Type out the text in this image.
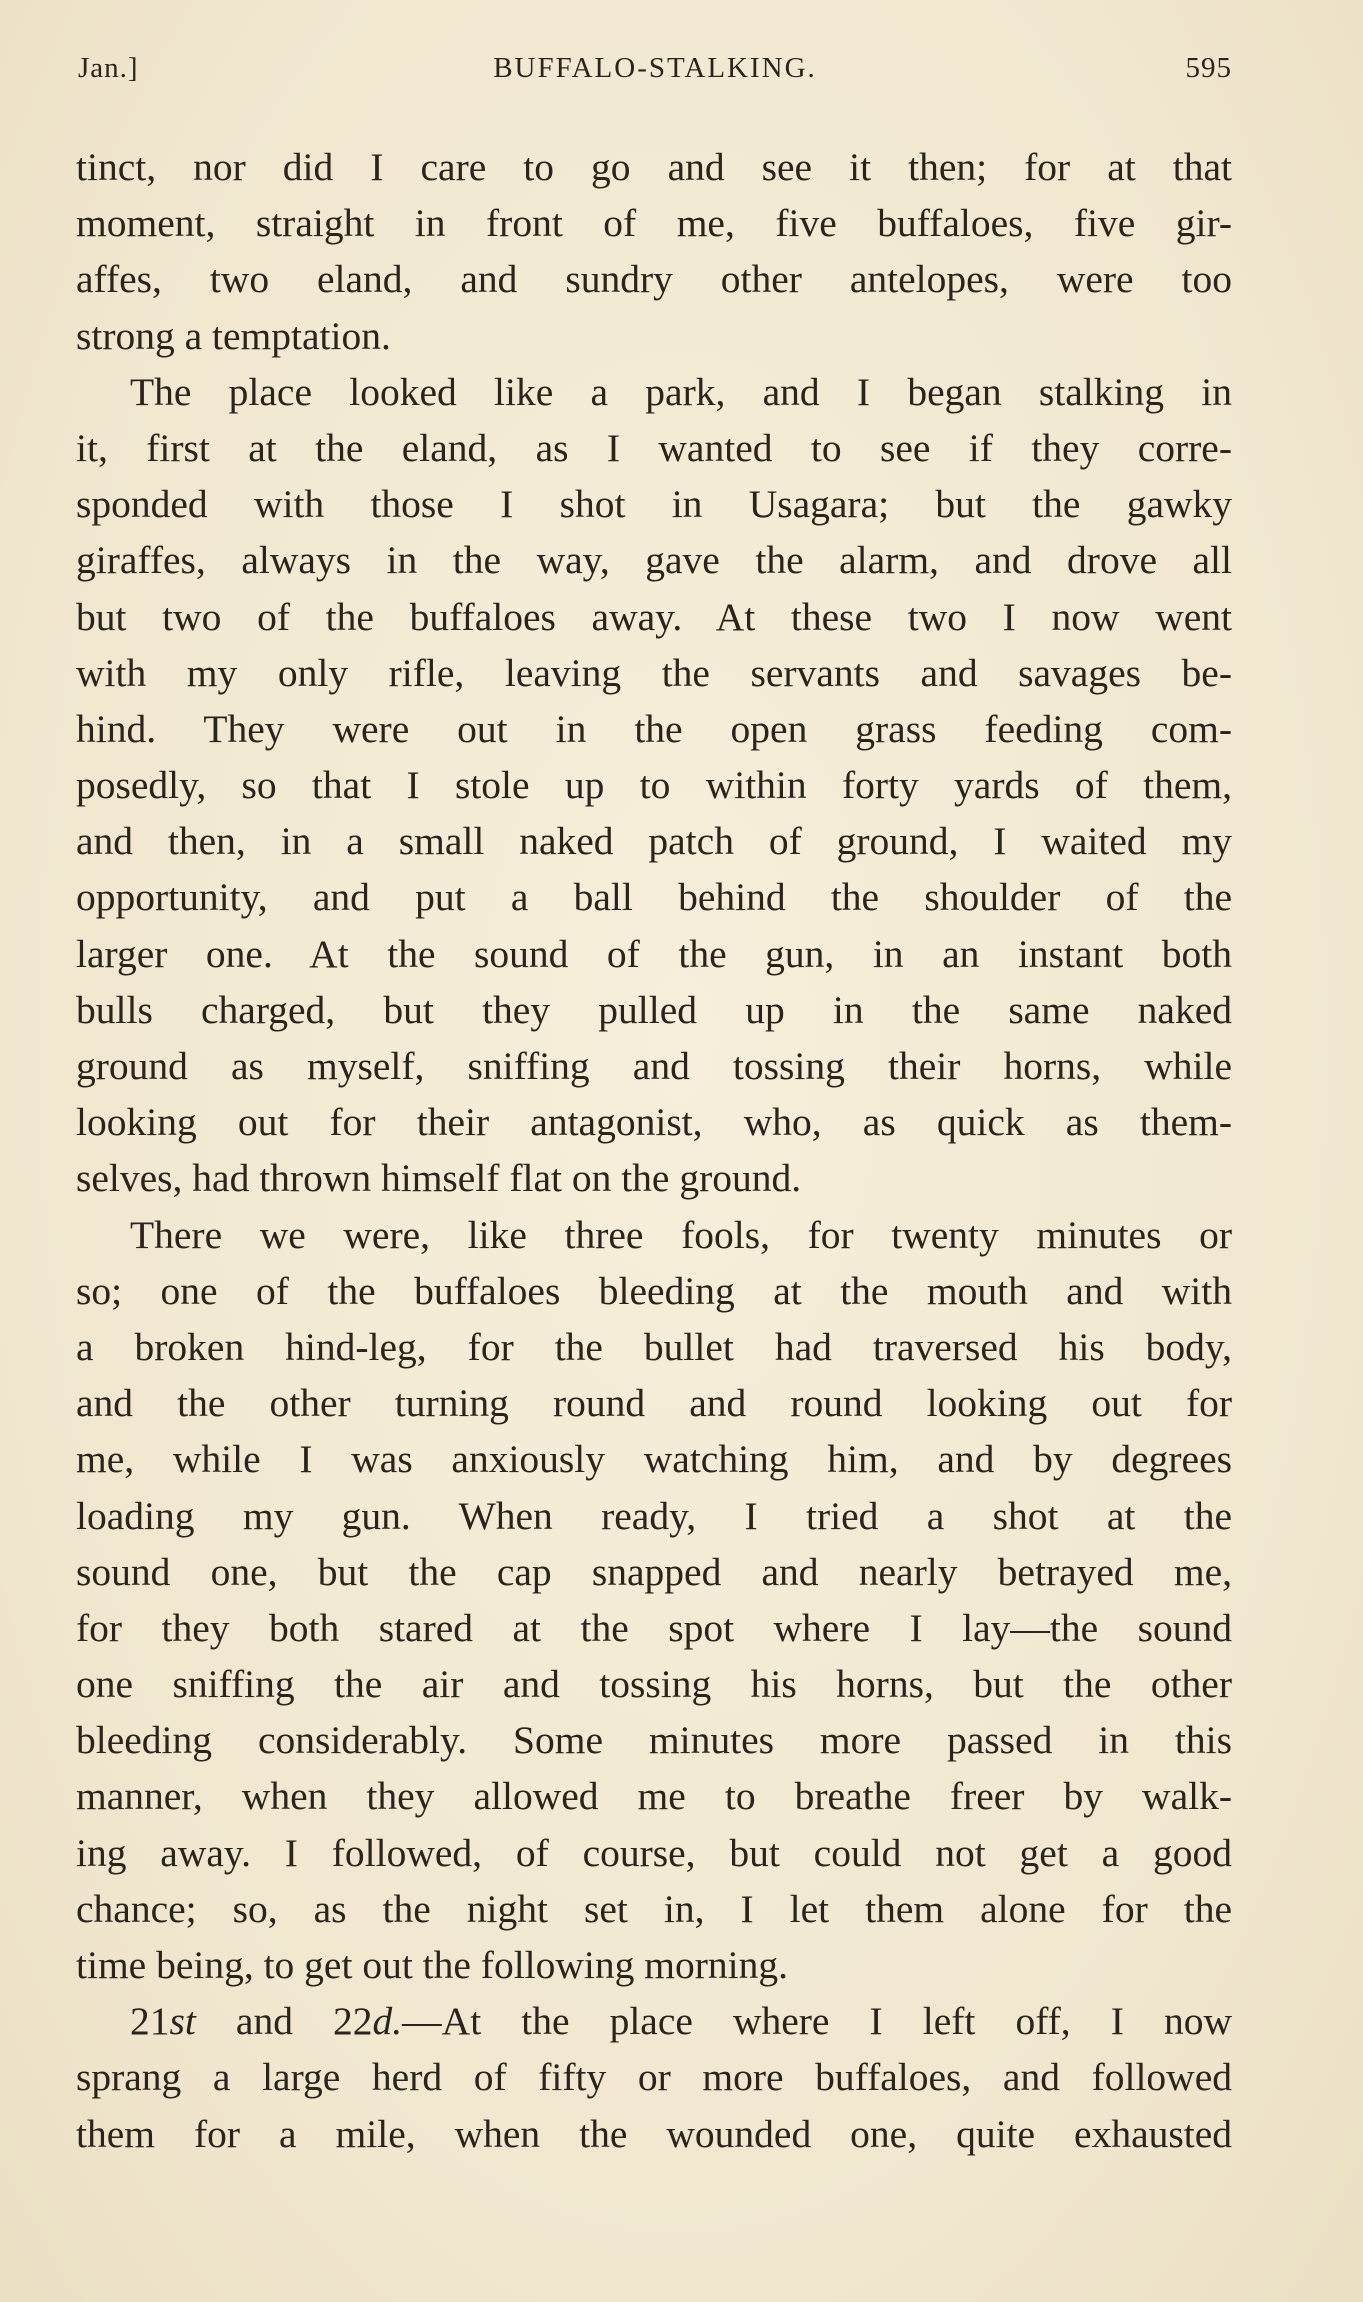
Jan.]	BUFFALO-STALKING.	595
tinct, nor did I care to go and see it then; for at that
moment, straight in front of me, five buffaloes, five gir-
affes, two eland, and sundry other antelopes, were too
strong a temptation.
The place looked like a park, and I began stalking in
it, first at the eland, as I wanted to see if they corre-
sponded with those I shot in Usagara; but the gawky
giraffes, always in the way, gave the alarm, and drove all
but two of the buffaloes away. At these two I now went
with my only rifle, leaving the servants and savages be-
hind. They were out in the open grass feeding com-
posedly, so that I stole up to within forty yards of them,
and then, in a small naked patch of ground, I waited my
opportunity, and put a ball behind the shoulder of the
larger one. At the sound of the gun, in an instant both
bulls charged, but they pulled up in the same naked
ground as myself, sniffing and tossing their horns, while
looking out for their antagonist, who, as quick as them-
selves, had thrown himself flat on the ground.
There we were, like three fools, for twenty minutes or
so; one of the buffaloes bleeding at the mouth and with
a broken hind-leg, for the bullet had traversed his body,
and the other turning round and round looking out for
me, while I was anxiously watching him, and by degrees
loading my gun. When ready, I tried a shot at the
sound one, but the cap snapped and nearly betrayed me,
for they both stared at the spot where I lay—the sound
one sniffing the air and tossing his horns, but the other
bleeding considerably. Some minutes more passed in this
manner, when they allowed me to breathe freer by walk-
ing away. I followed, of course, but could not get a good
chance; so, as the night set in, I let them alone for the
time being, to get out the following morning.
21st and 22d.—At the place where I left off, I now
sprang a large herd of fifty or more buffaloes, and followed
them for a mile, when the wounded one, quite exhausted
